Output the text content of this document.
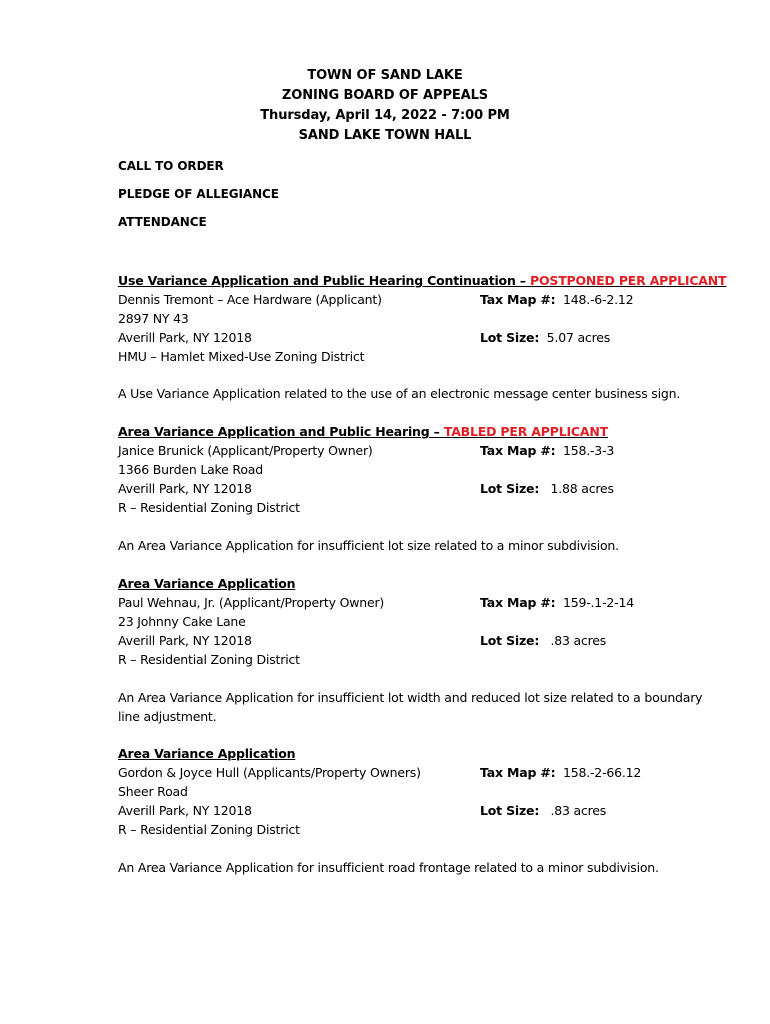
TOWN OF SAND LAKE
ZONING BOARD OF APPEALS
Thursday, April 14, 2022 - 7:00 PM
SAND LAKE TOWN HALL
CALL TO ORDER
PLEDGE OF ALLEGIANCE
ATTENDANCE
Use Variance Application and Public Hearing Continuation – POSTPONED PER APPLICANT
Dennis Tremont – Ace Hardware (Applicant)	Tax Map #: 148.-6-2.12
2897 NY 43
Averill Park, NY 12018	Lot Size: 5.07 acres
HMU – Hamlet Mixed-Use Zoning District
A Use Variance Application related to the use of an electronic message center business sign.
Area Variance Application and Public Hearing – TABLED PER APPLICANT
Janice Brunick (Applicant/Property Owner)	Tax Map #: 158.-3-3
1366 Burden Lake Road
Averill Park, NY 12018	Lot Size: 1.88 acres
R – Residential Zoning District
An Area Variance Application for insufficient lot size related to a minor subdivision.
Area Variance Application
Paul Wehnau, Jr. (Applicant/Property Owner)	Tax Map #: 159-.1-2-14
23 Johnny Cake Lane
Averill Park, NY 12018	Lot Size: .83 acres
R – Residential Zoning District
An Area Variance Application for insufficient lot width and reduced lot size related to a boundary line adjustment.
Area Variance Application
Gordon & Joyce Hull (Applicants/Property Owners)	Tax Map #: 158.-2-66.12
Sheer Road
Averill Park, NY 12018	Lot Size: .83 acres
R – Residential Zoning District
An Area Variance Application for insufficient road frontage related to a minor subdivision.
